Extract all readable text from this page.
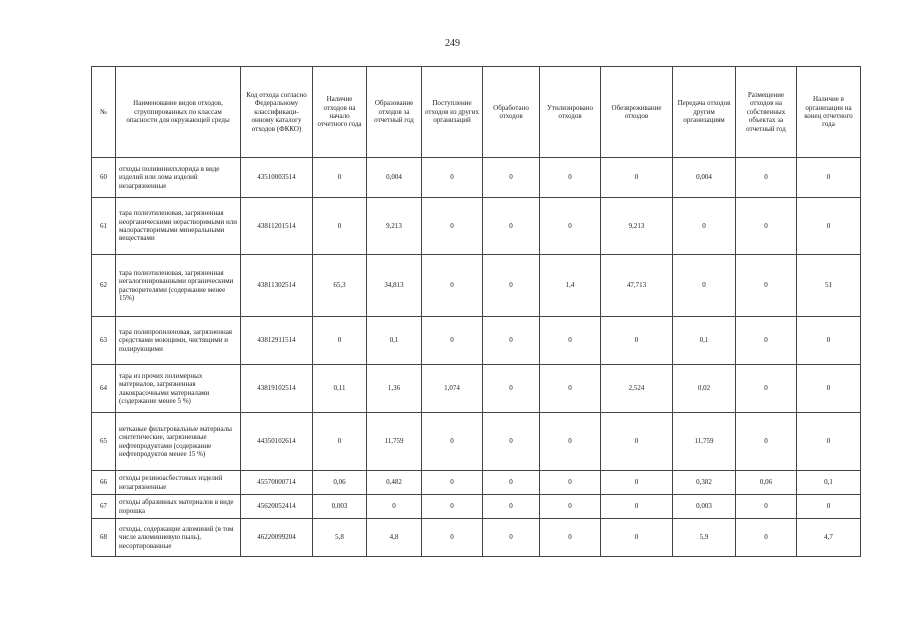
249
№	Наименование видов отходов, сгруппированных по классам опасности для окружающей среды	Код отхода согласно Федеральному классификаци-онному каталогу отходов (ФККО)	Наличие отходов на начало отчетного года	Образование отходов за отчетный год	Поступление отходов из других организаций	Обработано отходов	Утилизировано отходов	Обезвреживание отходов	Передача отходов другим организациям	Размещение отходов на собственных объектах за отчетный год	Наличие в организации на конец отчетного года
60	отходы поливинилхлорида в виде изделий или лома изделий незагрязненные	43510003514	0	0,004	0	0	0	0	0,004	0	0
61	тара полиэтиленовая, загрязненная неорганическими нерастворимыми или малорастворимыми минеральными веществами	43811201514	0	9,213	0	0	0	9,213	0	0	0
62	тара полиэтиленовая, загрязненная негалогенированными органическими растворителями (содержание менее 15%)	43811302514	65,3	34,813	0	0	1,4	47,713	0	0	51
63	тара полипропиленовая, загрязненная средствами моющими, чистящими и полирующими	43812911514	0	0,1	0	0	0	0	0,1	0	0
64	тара из прочих полимерных материалов, загрязненная лакокрасочными материалами (содержание менее 5 %)	43819102514	0,11	1,36	1,074	0	0	2,524	0,02	0	0
65	нетканые фильтровальные материалы синтетические, загрязненные нефтепродуктами (содержание нефтепродуктов менее 15 %)	44350102614	0	11,759	0	0	0	0	11,759	0	0
66	отходы резиноасбестовых изделий незагрязненные	45570000714	0,06	0,482	0	0	0	0	0,382	0,06	0,1
67	отходы абразивных материалов в виде порошка	45620052414	0,003	0	0	0	0	0	0,003	0	0
68	отходы, содержащие алюминий (в том числе алюминиевую пыль), несортированные	46220099204	5,8	4,8	0	0	0	0	5,9	0	4,7
